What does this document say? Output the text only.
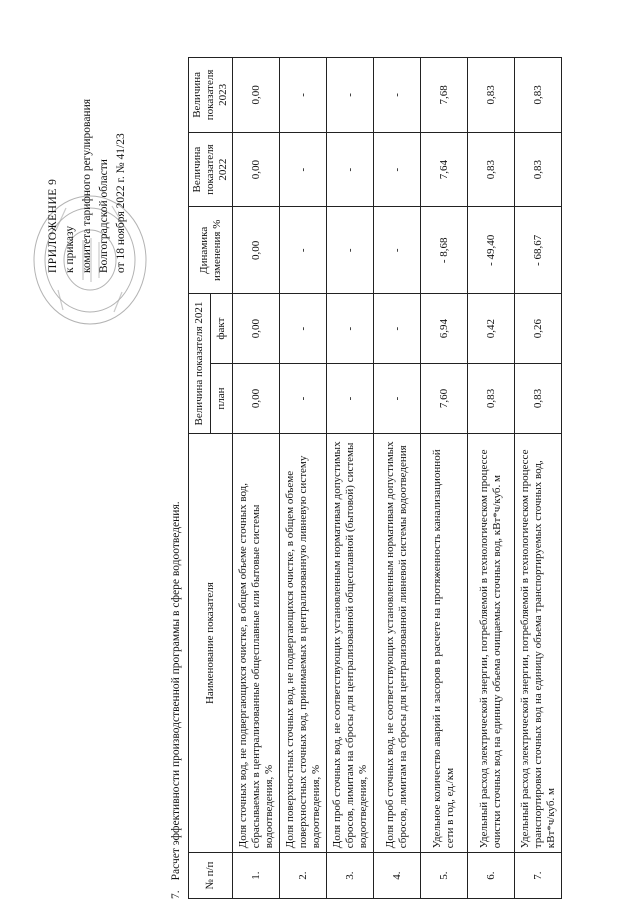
ПРИЛОЖЕНИЕ 9 к приказу комитета тарифного регулирования Волгоградской области от 18 ноября 2022 г. № 41/23
7.Расчет эффективности производственной программы в сфере водоотведения. № п/п	Наименование показателя	Величина показателя 2021		Динамика изменения %	Величина показателя 2022	Величина показателя 2023
		план	факт			
1.	Доля сточных вод, не подвергающихся очистке, в общем объеме сточных вод, сбрасываемых в централизованные общесплавные или бытовые системы водоотведения, %	0,00	0,00	0,00	0,00	0,00
2.	Доля поверхностных сточных вод, не подвергающихся очистке, в общем объеме поверхностных сточных вод, принимаемых в централизованную ливневую систему водоотведения, %	-	-	-	-	-
3.	Доля проб сточных вод, не соответствующих установленным нормативам допустимых сбросов, лимитам на сбросы для централизованной общесплавной (бытовой) системы водоотведения, %	-	-	-	-	-
4.	Доля проб сточных вод, не соответствующих установленным нормативам допустимых сбросов, лимитам на сбросы для централизованной ливневой системы водоотведения	-	-	-	-	-
5.	Удельное количество аварий и засоров в расчете на протяженность канализационной сети в год, ед./км	7,60	6,94	- 8,68	7,64	7,68
6.	Удельный расход электрической энергии, потребляемой в технологическом процессе очистки сточных вод на единицу объема очищаемых сточных вод, кВт*ч/куб. м	0,83	0,42	- 49,40	0,83	0,83
7.	Удельный расход электрической энергии, потребляемой в технологическом процессе транспортировки сточных вод на единицу объема транспортируемых сточных вод, кВт*ч/куб. м	0,83	0,26	- 68,67	0,83	0,83
